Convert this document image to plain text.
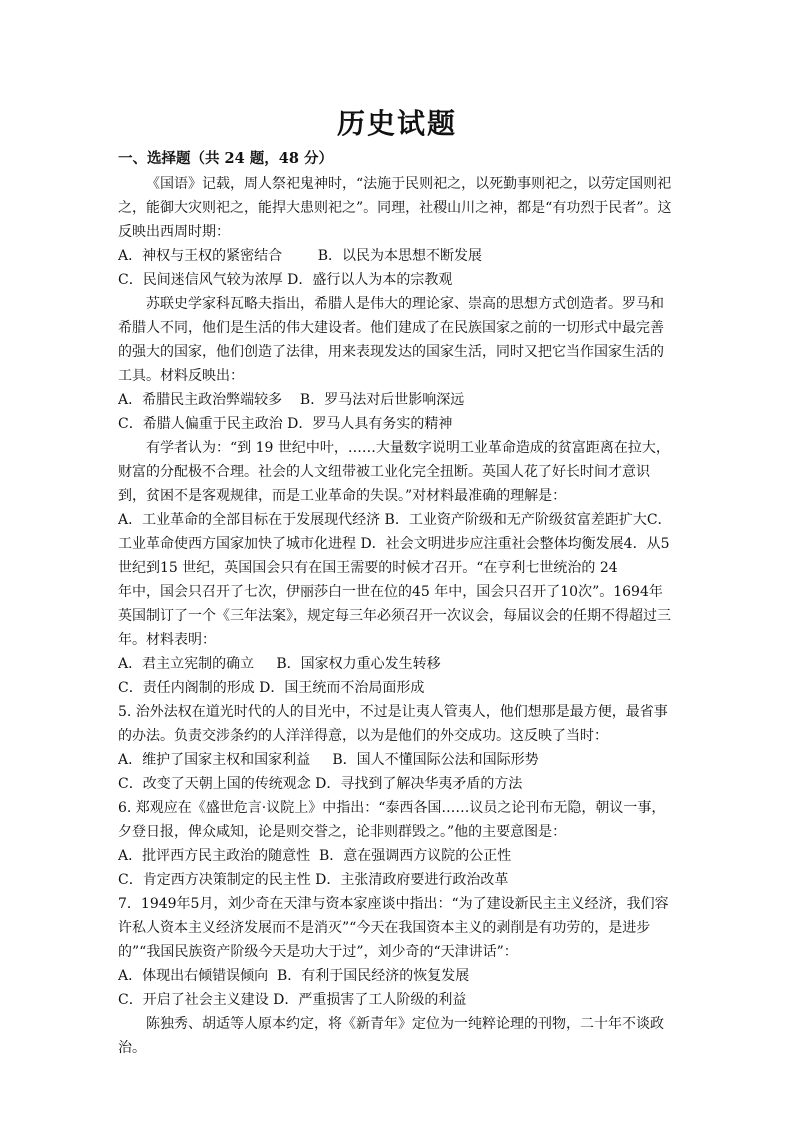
历史试题
一、选择题（共 24 题，48 分）

《国语》记载，周人祭祀鬼神时，“法施于民则祀之，以死勤事则祀之，以劳定国则祀之，能御大灾则祀之，能捍大患则祀之”。同理，社稷山川之神，都是“有功烈于民者”。这反映出西周时期：

A．神权与王权的紧密结合        B．以民为本思想不断发展

C．民间迷信风气较为浓厚 D．盛行以人为本的宗教观

苏联史学家科瓦略夫指出，希腊人是伟大的理论家、崇高的思想方式创造者。罗马和希腊人不同，他们是生活的伟大建设者。他们建成了在民族国家之前的一切形式中最完善的强大的国家，他们创造了法律，用来表现发达的国家生活，同时又把它当作国家生活的工具。材料反映出：

A．希腊民主政治弊端较多    B．罗马法对后世影响深远

C．希腊人偏重于民主政治 D．罗马人具有务实的精神

有学者认为：“到 19 世纪中叶，……大量数字说明工业革命造成的贫富距离在拉大， 财富的分配极不合理。社会的人文纽带被工业化完全扭断。英国人花了好长时间才意识 到，贫困不是客观规律，而是工业革命的失误。”对材料最准确的理解是：

A．工业革命的全部目标在于发展现代经济 B．工业资产阶级和无产阶级贫富差距扩大C．工业革命使西方国家加快了城市化进程 D．社会文明进步应注重社会整体均衡发展4．从5世纪到15 世纪，英国国会只有在国王需要的时候才召开。“在亨利七世统治的 24

年中，国会只召开了七次，伊丽莎白一世在位的45 年中，国会只召开了10次”。1694年英国制订了一个《三年法案》，规定每三年必须召开一次议会，每届议会的任期不得超过三年。材料表明：

A．君主立宪制的确立     B．国家权力重心发生转移

C．责任内阁制的形成 D．国王统而不治局面形成

5. 治外法权在道光时代的人的目光中，不过是让夷人管夷人，他们想那是最方便，最省事的办法。负责交涉条约的人洋洋得意，以为是他们的外交成功。这反映了当时：

A．维护了国家主权和国家利益     B．国人不懂国际公法和国际形势

C．改变了天朝上国的传统观念 D．寻找到了解决华夷矛盾的方法

6. 郑观应在《盛世危言·议院上》中指出：“泰西各国……议员之论刊布无隐，朝议一事，夕登日报，俾众咸知，论是则交誉之，论非则群毁之。”他的主要意图是：

A．批评西方民主政治的随意性  B．意在强调西方议院的公正性

C．肯定西方决策制定的民主性 D．主张清政府要进行政治改革

7．1949年5月，刘少奇在天津与资本家座谈中指出：“为了建设新民主主义经济，我们容许私人资本主义经济发展而不是消灭”“今天在我国资本主义的剥削是有功劳的，是进步的”“我国民族资产阶级今天是功大于过”，刘少奇的“天津讲话”：

A．体现出右倾错误倾向  B．有利于国民经济的恢复发展

C．开启了社会主义建设 D．严重损害了工人阶级的利益

陈独秀、胡适等人原本约定，将《新青年》定位为一纯粹论理的刊物，二十年不谈政 治。
